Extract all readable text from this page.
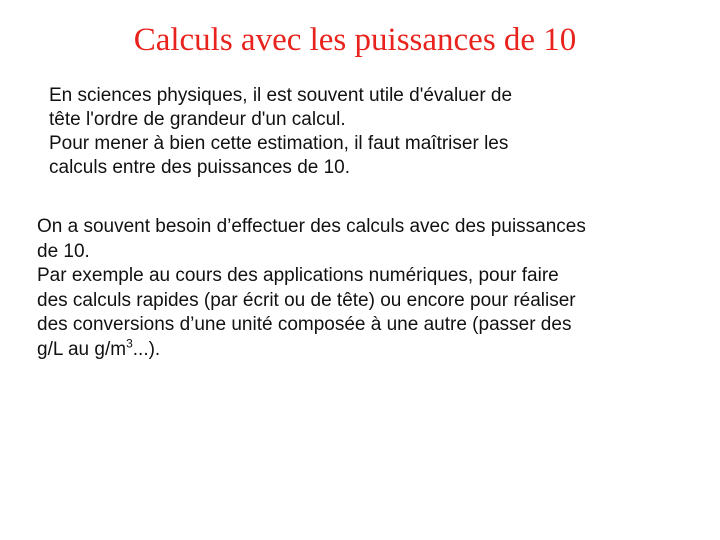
Calculs avec les puissances de 10
En sciences physiques, il est souvent utile d'évaluer de
tête l'ordre de grandeur d'un calcul.
Pour mener à bien cette estimation, il faut maîtriser les
calculs entre des puissances de 10.
On a souvent besoin d’effectuer des calculs avec des puissances
de 10.
Par exemple au cours des applications numériques, pour faire
des calculs rapides (par écrit ou de tête) ou encore pour réaliser
des conversions d’une unité composée à une autre (passer des
g/L au $g/m^3$...).
